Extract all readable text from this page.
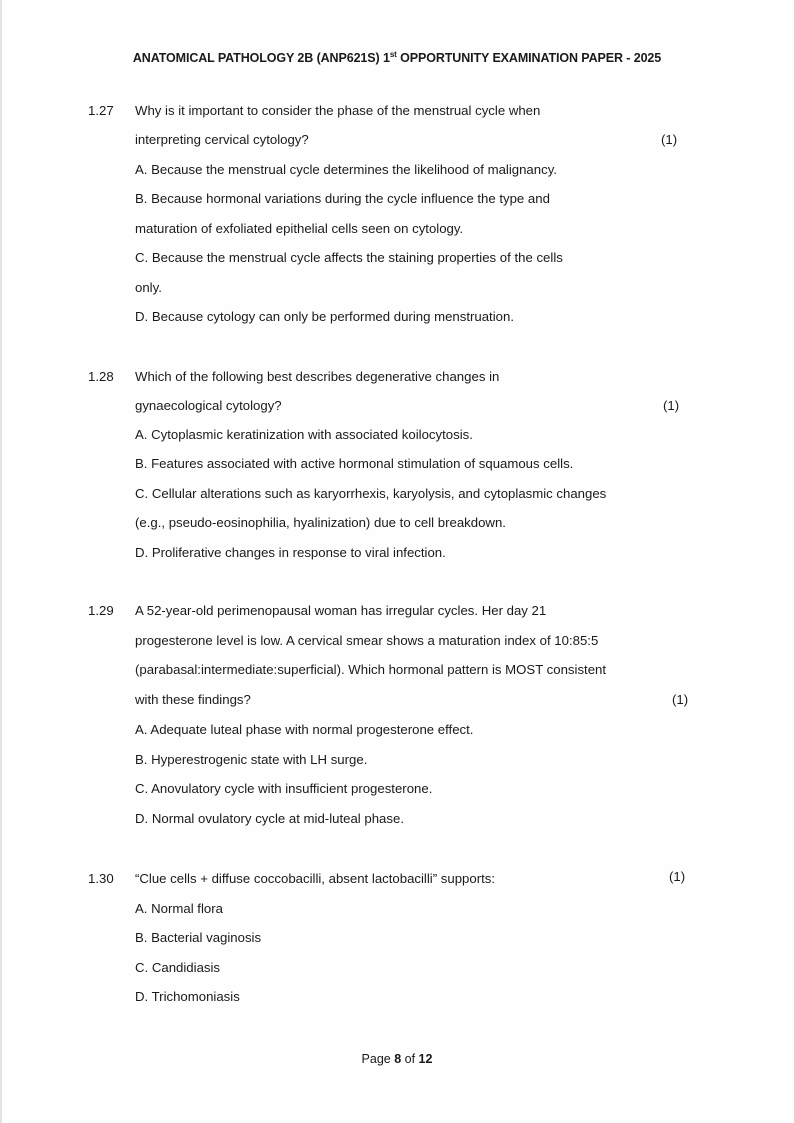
ANATOMICAL PATHOLOGY 2B (ANP621S) 1st OPPORTUNITY EXAMINATION PAPER - 2025
1.27 Why is it important to consider the phase of the menstrual cycle when
interpreting cervical cytology?	(1)
A. Because the menstrual cycle determines the likelihood of malignancy.
B. Because hormonal variations during the cycle influence the type and
maturation of exfoliated epithelial cells seen on cytology.
C. Because the menstrual cycle affects the staining properties of the cells
only.
D. Because cytology can only be performed during menstruation.
1.28 Which of the following best describes degenerative changes in
gynaecological cytology?	(1)
A. Cytoplasmic keratinization with associated koilocytosis.
B. Features associated with active hormonal stimulation of squamous cells.
C. Cellular alterations such as karyorrhexis, karyolysis, and cytoplasmic changes
(e.g., pseudo-eosinophilia, hyalinization) due to cell breakdown.
D. Proliferative changes in response to viral infection.
1.29 A 52-year-old perimenopausal woman has irregular cycles. Her day 21
progesterone level is low. A cervical smear shows a maturation index of 10:85:5
(parabasal:intermediate:superficial). Which hormonal pattern is MOST consistent
with these findings?	(1)
A. Adequate luteal phase with normal progesterone effect.
B. Hyperestrogenic state with LH surge.
C. Anovulatory cycle with insufficient progesterone.
D. Normal ovulatory cycle at mid-luteal phase.
1.30 “Clue cells + diffuse coccobacilli, absent lactobacilli” supports:	(1)
A. Normal flora
B. Bacterial vaginosis
C. Candidiasis
D. Trichomoniasis
Page 8 of 12
